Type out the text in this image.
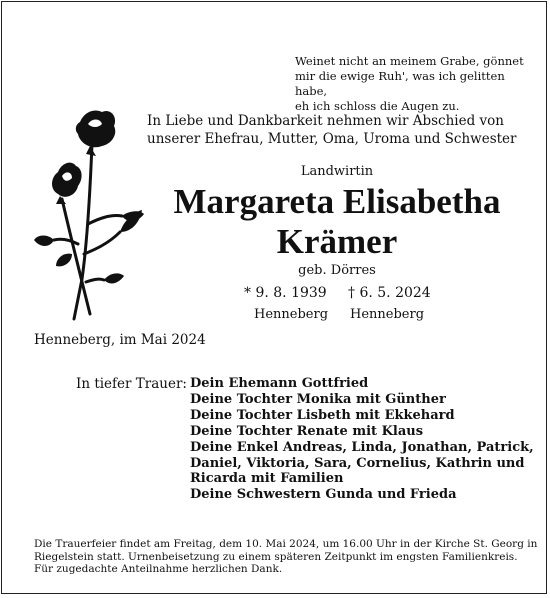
Weinet nicht an meinem Grabe, gönnet
mir die ewige Ruh', was ich gelitten habe,
eh ich schloss die Augen zu.
In Liebe und Dankbarkeit nehmen wir Abschied von
unserer Ehefrau, Mutter, Oma, Uroma und Schwester
Landwirtin
Margareta Elisabetha
Krämer
geb. Dörres
* 9. 8. 1939 † 6. 5. 2024
Henneberg Henneberg
Henneberg, im Mai 2024
In tiefer Trauer: Dein Ehemann Gottfried
Deine Tochter Monika mit Günther
Deine Tochter Lisbeth mit Ekkehard
Deine Tochter Renate mit Klaus
Deine Enkel Andreas, Linda, Jonathan, Patrick,
Daniel, Viktoria, Sara, Cornelius, Kathrin und
Ricarda mit Familien
Deine Schwestern Gunda und Frieda
Die Trauerfeier findet am Freitag, dem 10. Mai 2024, um 16.00 Uhr in der Kirche St. Georg in
Riegelstein statt. Urnenbeisetzung zu einem späteren Zeitpunkt im engsten Familienkreis.
Für zugedachte Anteilnahme herzlichen Dank.
